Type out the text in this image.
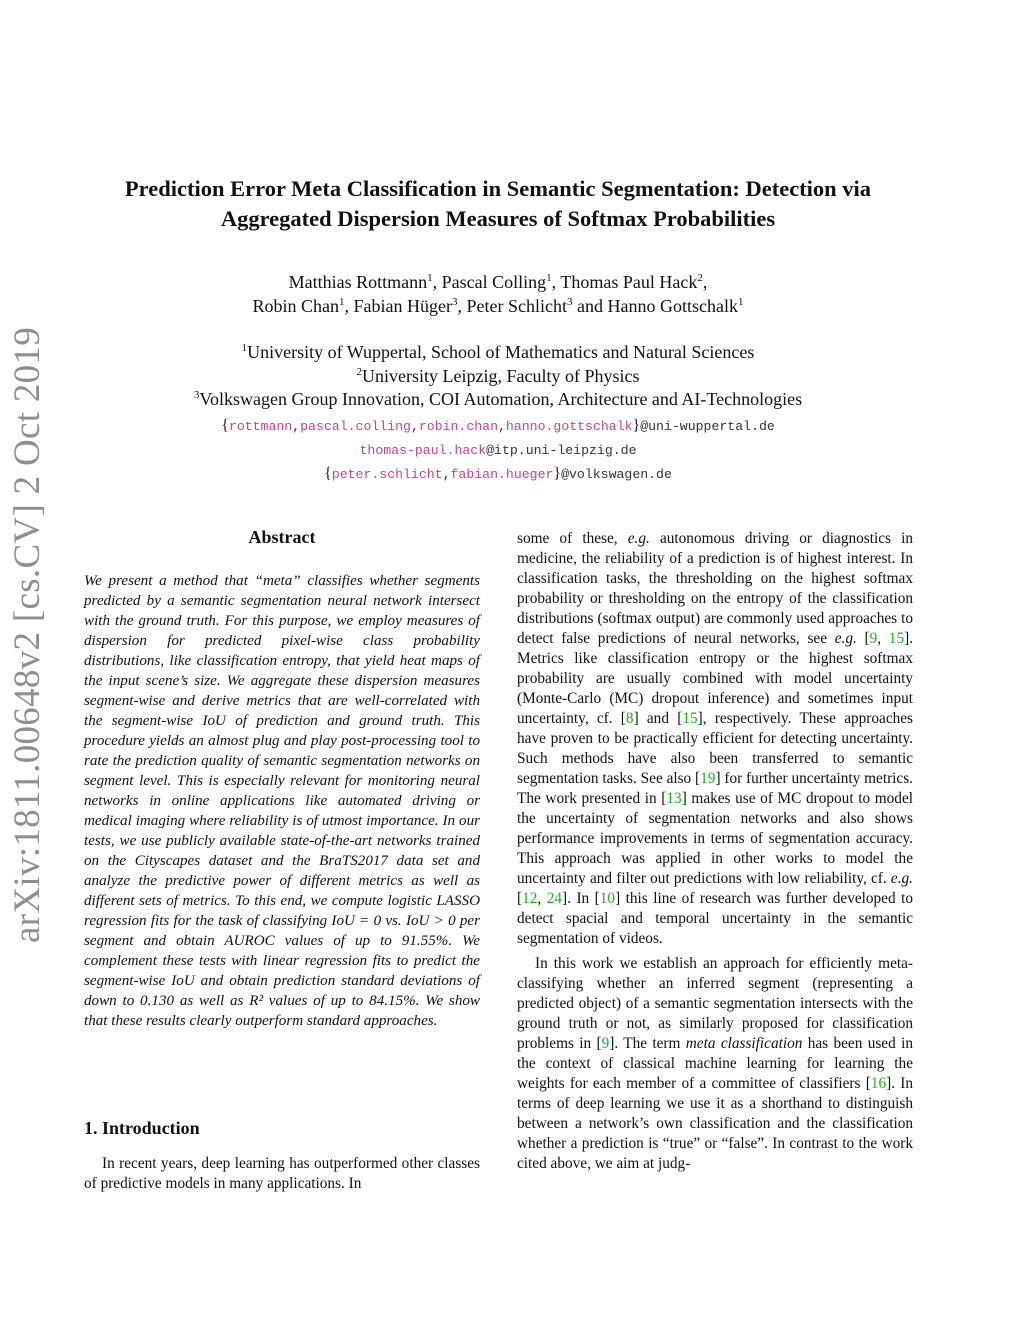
arXiv:1811.00648v2 [cs.CV] 2 Oct 2019
Prediction Error Meta Classification in Semantic Segmentation: Detection via
Aggregated Dispersion Measures of Softmax Probabilities
Matthias Rottmann$^1$, Pascal Colling$^1$, Thomas Paul Hack$^2$,
Robin Chan$^1$, Fabian Hüger$^3$, Peter Schlicht$^3$ and Hanno Gottschalk$^1$
$^1$University of Wuppertal, School of Mathematics and Natural Sciences
$^2$University Leipzig, Faculty of Physics
$^3$Volkswagen Group Innovation, COI Automation, Architecture and AI-Technologies
{rottmann,pascal.colling,robin.chan,hanno.gottschalk}@uni-wuppertal.de
thomas-paul.hack@itp.uni-leipzig.de
{peter.schlicht,fabian.hueger}@volkswagen.de
Abstract
We present a method that “meta” classifies whether segments predicted by a semantic segmentation neural network intersect with the ground truth. For this purpose, we employ measures of dispersion for predicted pixel-wise class probability distributions, like classification entropy, that yield heat maps of the input scene’s size. We aggregate these dispersion measures segment-wise and derive metrics that are well-correlated with the segment-wise IoU of prediction and ground truth. This procedure yields an almost plug and play post-processing tool to rate the prediction quality of semantic segmentation networks on segment level. This is especially relevant for monitoring neural networks in online applications like automated driving or medical imaging where reliability is of utmost importance. In our tests, we use publicly available state-of-the-art networks trained on the Cityscapes dataset and the BraTS2017 data set and analyze the predictive power of different metrics as well as different sets of metrics. To this end, we compute logistic LASSO regression fits for the task of classifying IoU = 0 vs. IoU > 0 per segment and obtain AUROC values of up to 91.55%. We complement these tests with linear regression fits to predict the segment-wise IoU and obtain prediction standard deviations of down to 0.130 as well as R² values of up to 84.15%. We show that these results clearly outperform standard approaches.
1. Introduction
In recent years, deep learning has outperformed other classes of predictive models in many applications. In

some of these, e.g. autonomous driving or diagnostics in medicine, the reliability of a prediction is of highest interest. In classification tasks, the thresholding on the highest softmax probability or thresholding on the entropy of the classification distributions (softmax output) are commonly used approaches to detect false predictions of neural networks, see e.g. [9, 15]. Metrics like classification entropy or the highest softmax probability are usually combined with model uncertainty (Monte-Carlo (MC) dropout inference) and sometimes input uncertainty, cf. [8] and [15], respectively. These approaches have proven to be practically efficient for detecting uncertainty. Such methods have also been transferred to semantic segmentation tasks. See also [19] for further uncertainty metrics. The work presented in [13] makes use of MC dropout to model the uncertainty of segmentation networks and also shows performance improvements in terms of segmentation accuracy. This approach was applied in other works to model the uncertainty and filter out predictions with low reliability, cf. e.g. [12, 24]. In [10] this line of research was further developed to detect spacial and temporal uncertainty in the semantic segmentation of videos.

In this work we establish an approach for efficiently meta-classifying whether an inferred segment (representing a predicted object) of a semantic segmentation intersects with the ground truth or not, as similarly proposed for classification problems in [9]. The term meta classification has been used in the context of classical machine learning for learning the weights for each member of a committee of classifiers [16]. In terms of deep learning we use it as a shorthand to distinguish between a network’s own classification and the classification whether a prediction is “true” or “false”. In contrast to the work cited above, we aim at judg-
